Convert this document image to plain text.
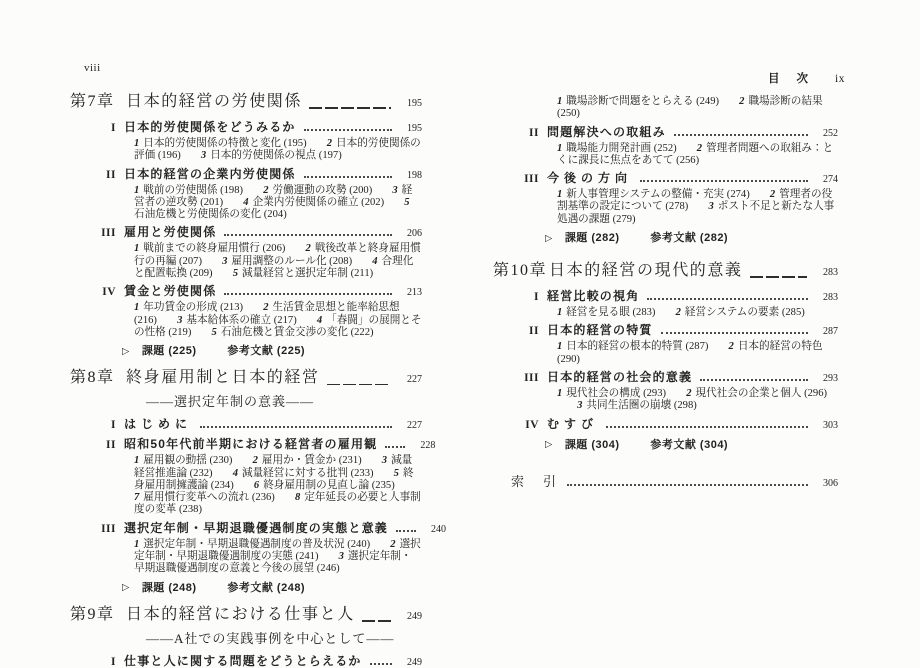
viii
目次 ix
第7章 日本的経営の労使関係	195
I 日本的労使関係をどうみるか	195
1 日本的労使関係の特徴と変化 (195) 2 日本的労使関係の評価 (196) 3 日本的労使関係の視点 (197)
II 日本的経営の企業内労使関係	198
1 戦前の労使関係 (198) 2 労働運動の攻勢 (200) 3 経営者の逆攻勢 (201) 4 企業内労使関係の確立 (202) 5石油危機と労使関係の変化 (204)
III 雇用と労使関係	206
1 戦前までの終身雇用慣行 (206) 2 戦後改革と終身雇用慣行の再編 (207) 3 雇用調整のルール化 (208) 4 合理化と配置転換 (209) 5 減量経営と選択定年制 (211)
IV 賃金と労使関係	213
1 年功賃金の形成 (213) 2 生活賃金思想と能率給思想 (216) 3 基本給体系の確立 (217) 4 「春闘」の展開とその性格 (219) 5 石油危機と賃金交渉の変化 (222)
▷ 課題 (225)	参考文献 (225)
第8章 終身雇用制と日本的経営	227
——選択定年制の意義——
I はじめに	227
II 昭和50年代前半期における経営者の雇用観	228
1 雇用観の動揺 (230) 2 雇用か・賃金か (231) 3 減量経営推進論 (232) 4 減量経営に対する批判 (233) 5 終身雇用制擁護論 (234) 6 終身雇用制の見直し論 (235)7 雇用慣行変革への流れ (236) 8 定年延長の必要と人事制度の変革 (238)
III 選択定年制・早期退職優遇制度の実態と意義	240
1 選択定年制・早期退職優遇制度の普及状況 (240) 2 選択定年制・早期退職優遇制度の実態 (241) 3 選択定年制・早期退職優遇制度の意義と今後の展望 (246)
▷ 課題 (248)	参考文献 (248)
第9章 日本的経営における仕事と人	249
——A社での実践事例を中心として——
I 仕事と人に関する問題をどうとらえるか	249
1 職場診断で問題をとらえる (249) 2 職場診断の結果 (250)
II 問題解決への取組み	252
1 職場能力開発計画 (252) 2 管理者問題への取組み：とくに課長に焦点をあてて (256)
III 今後の方向	274
1 新人事管理システムの整備・充実 (274) 2 管理者の役割基準の設定について (278) 3 ポスト不足と新たな人事処遇の課題 (279)
▷ 課題 (282)	参考文献 (282)
第10章 日本的経営の現代的意義	283
I 経営比較の視角	283
1 経営を見る眼 (283) 2 経営システムの要素 (285)
II 日本的経営の特質	287
1 日本的経営の根本的特質 (287) 2 日本的経営の特色 (290)
III 日本的経営の社会的意義	293
1 現代社会の構成 (293) 2 現代社会の企業と個人 (296)3 共同生活圏の崩壊 (298)
IV むすび	303
▷ 課題 (304)	参考文献 (304)
索引	306
